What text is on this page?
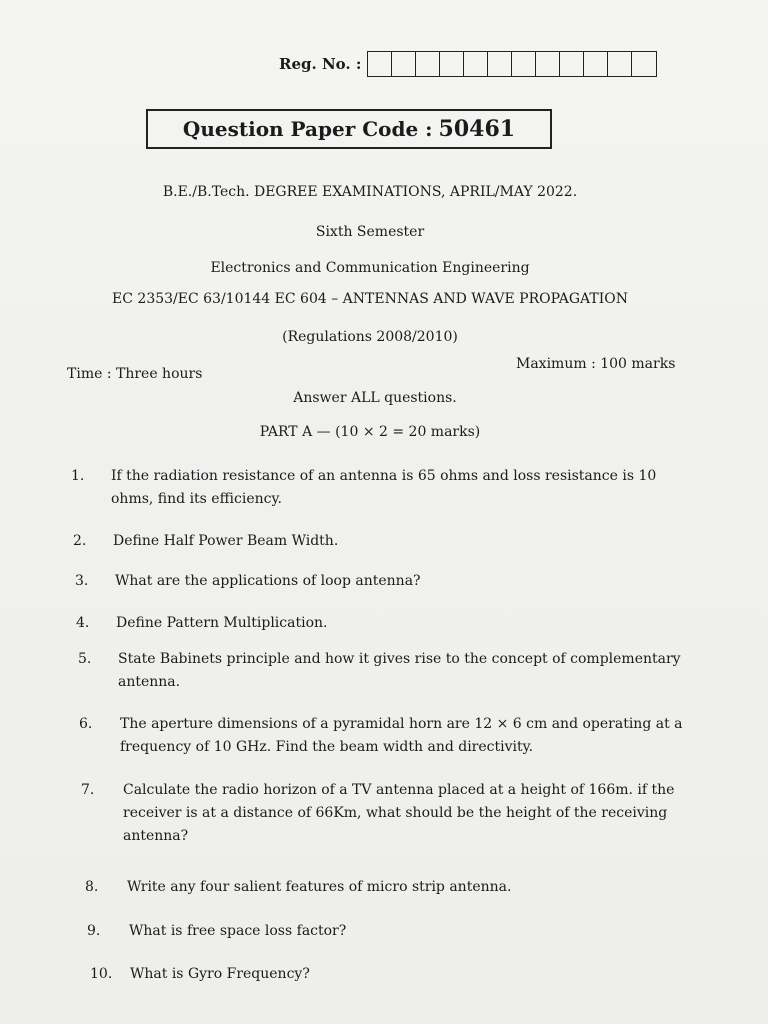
Reg. No. :
Question Paper Code : 50461
B.E./B.Tech. DEGREE EXAMINATIONS, APRIL/MAY 2022.
Sixth Semester
Electronics and Communication Engineering
EC 2353/EC 63/10144 EC 604 – ANTENNAS AND WAVE PROPAGATION
(Regulations 2008/2010)
Time : Three hours
Maximum : 100 marks
Answer ALL questions.
PART A — (10 × 2 = 20 marks)
1. If the radiation resistance of an antenna is 65 ohms and loss resistance is 10 ohms, find its efficiency.
2. Define Half Power Beam Width.
3. What are the applications of loop antenna?
4. Define Pattern Multiplication.
5. State Babinets principle and how it gives rise to the concept of complementary antenna.
6. The aperture dimensions of a pyramidal horn are 12 × 6 cm and operating at a frequency of 10 GHz. Find the beam width and directivity.
7. Calculate the radio horizon of a TV antenna placed at a height of 166m. if the receiver is at a distance of 66Km, what should be the height of the receiving antenna?
8. Write any four salient features of micro strip antenna.
9. What is free space loss factor?
10. What is Gyro Frequency?
